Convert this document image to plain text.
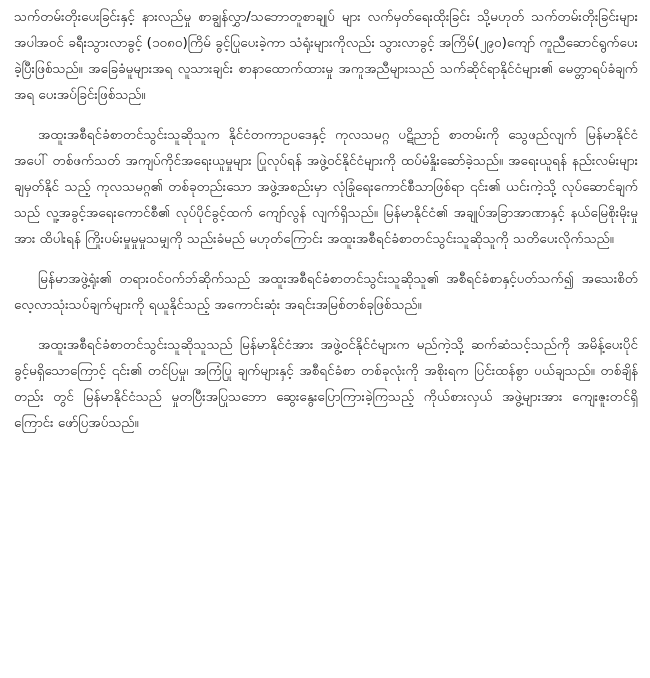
သက်တမ်းတိုးပေးခြင်းနှင့် နားလည်မှု စာချွန်လွှာ/သဘောတူစာချုပ် များ လက်မှတ်ရေးထိုးခြင်း သို့မဟုတ် သက်တမ်းတိုးခြင်းများ အပါအဝင် ခရီးသွားလာခွင့် (၁၀၈၀)ကြိမ် ခွင့်ပြုပေးခဲ့ကာ သံရုံးများကိုလည်း သွားလာခွင့် အကြိမ်(၂၉၀)ကျော် ကူညီဆောင်ရွက်ပေးခဲ့ပြီးဖြစ်သည်။ အခြေခံမူများအရ လူသားချင်း စာနာထောက်ထားမှု အကူအညီများသည် သက်ဆိုင်ရာနိုင်ငံများ၏ မေတ္တာရပ်ခံချက်အရ ပေးအပ်ခြင်းဖြစ်သည်။

အထူးအစီရင်ခံစာတင်သွင်းသူဆိုသူက နိုင်ငံတကာဥပဒေနှင့် ကုလသမဂ္ဂ ပဋိညာဉ် စာတမ်းကို သွေဖည်လျက် မြန်မာနိုင်ငံအပေါ် တစ်ဖက်သတ် အကျပ်ကိုင်အရေးယူမှုများ ပြုလုပ်ရန် အဖွဲ့ဝင်နိုင်ငံများကို ထပ်မံနှိုးဆော်ခဲ့သည်။ အရေးယူရန် နည်းလမ်းများ ချမှတ်နိုင် သည့် ကုလသမဂ္ဂ၏ တစ်ခုတည်းသော အဖွဲ့အစည်းမှာ လုံခြုံရေးကောင်စီသာဖြစ်ရာ ၎င်း၏ ယင်းကဲ့သို့ လုပ်ဆောင်ချက်သည် လူ့အခွင့်အရေးကောင်စီ၏ လုပ်ပိုင်ခွင့်ထက် ကျော်လွန် လျက်ရှိသည်။ မြန်မာနိုင်ငံ၏ အချုပ်အခြာအာဏာနှင့် နယ်မြေစိုးမိုးမှုအား ထိပါးရန် ကြိုးပမ်းမှုမှုမှုသမျှကို သည်းခံမည် မဟုတ်ကြောင်း အထူးအစီရင်ခံစာတင်သွင်းသူဆိုသူကို သတိပေးလိုက်သည်။

မြန်မာအဖွဲ့ရုံး၏ တရားဝင်ဝက်ဘ်ဆိုက်သည် အထူးအစီရင်ခံစာတင်သွင်းသူဆိုသူ၏ အစီရင်ခံစာနှင့်ပတ်သက်၍ အသေးစိတ်လေ့လာသုံးသပ်ချက်များကို ရယူနိုင်သည့် အကောင်းဆုံး အရင်းအမြစ်တစ်ခုဖြစ်သည်။

အထူးအစီရင်ခံစာတင်သွင်းသူဆိုသူသည် မြန်မာနိုင်ငံအား အဖွဲ့ဝင်နိုင်ငံများက မည်ကဲ့သို့ ဆက်ဆံသင့်သည်ကို အမိန့်ပေးပိုင်ခွင့်မရှိသောကြောင့် ၎င်း၏ တင်ပြမှု၊ အကြံပြု ချက်များနှင့် အစီရင်ခံစာ တစ်ခုလုံးကို အစိုးရက ပြင်းထန်စွာ ပယ်ချသည်။ တစ်ချိန်တည်း တွင် မြန်မာနိုင်ငံသည် မှုတပြီးအပြုသဘော ဆွေးနွေးပြောကြားခဲ့ကြသည့် ကိုယ်စားလှယ် အဖွဲ့များအား ကျေးဇူးတင်ရှိကြောင်း ဖော်ပြအပ်သည်။
